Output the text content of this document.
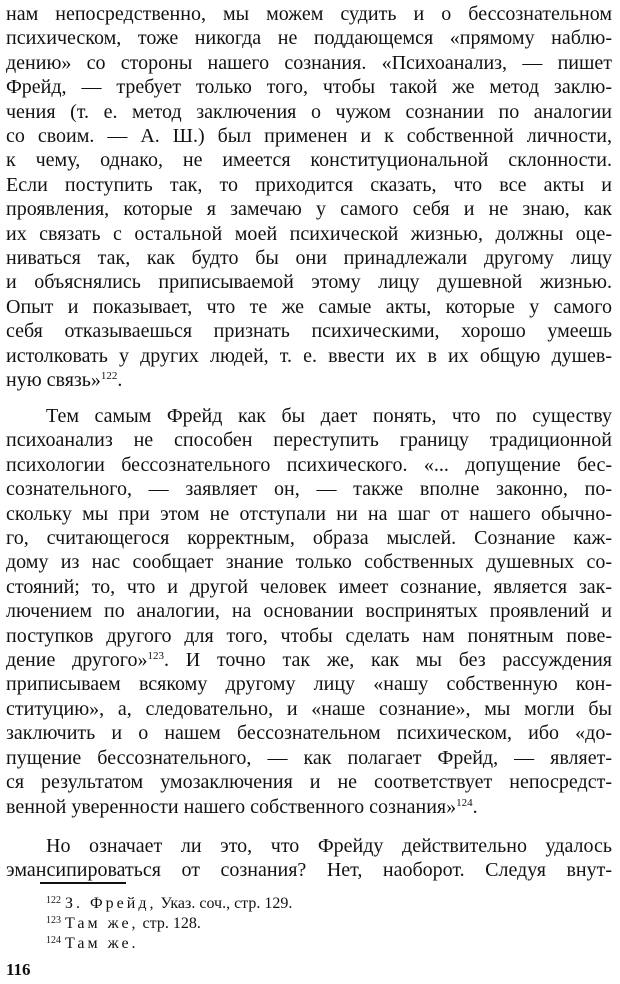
нам непосредственно, мы можем судить и о бессознательном
психическом, тоже никогда не поддающемся «прямому наблю-
дению» со стороны нашего сознания. «Психоанализ, — пишет
Фрейд, — требует только того, чтобы такой же метод заклю-
чения (т. е. метод заключения о чужом сознании по аналогии
со своим. — А. Ш.) был применен и к собственной личности,
к чему, однако, не имеется конституциональной склонности.
Если поступить так, то приходится сказать, что все акты и
проявления, которые я замечаю у самого себя и не знаю, как
их связать с остальной моей психической жизнью, должны оце-
ниваться так, как будто бы они принадлежали другому лицу
и объяснялись приписываемой этому лицу душевной жизнью.
Опыт и показывает, что те же самые акты, которые у самого
себя отказываешься признать психическими, хорошо умеешь
истолковать у других людей, т. е. ввести их в их общую душев-
ную связь»$^{122}$.
Тем самым Фрейд как бы дает понять, что по существу
психоанализ не способен переступить границу традиционной
психологии бессознательного психического. «... допущение бес-
сознательного, — заявляет он, — также вполне законно, по-
скольку мы при этом не отступали ни на шаг от нашего обычно-
го, считающегося корректным, образа мыслей. Сознание каж-
дому из нас сообщает знание только собственных душевных со-
стояний; то, что и другой человек имеет сознание, является зак-
лючением по аналогии, на основании воспринятых проявлений и
поступков другого для того, чтобы сделать нам понятным пове-
дение другого»$^{123}$. И точно так же, как мы без рассуждения
приписываем всякому другому лицу «нашу собственную кон-
ституцию», а, следовательно, и «наше сознание», мы могли бы
заключить и о нашем бессознательном психическом, ибо «до-
пущение бессознательного, — как полагает Фрейд, — являет-
ся результатом умозаключения и не соответствует непосредст-
венной уверенности нашего собственного сознания»$^{124}$.
Но означает ли это, что Фрейду действительно удалось
эмансипироваться от сознания? Нет, наоборот. Следуя внут-
$^{122}$ З. Фрейд, Указ. соч., стр. 129.
$^{123}$ Там же, стр. 128.
$^{124}$ Там же.
116
